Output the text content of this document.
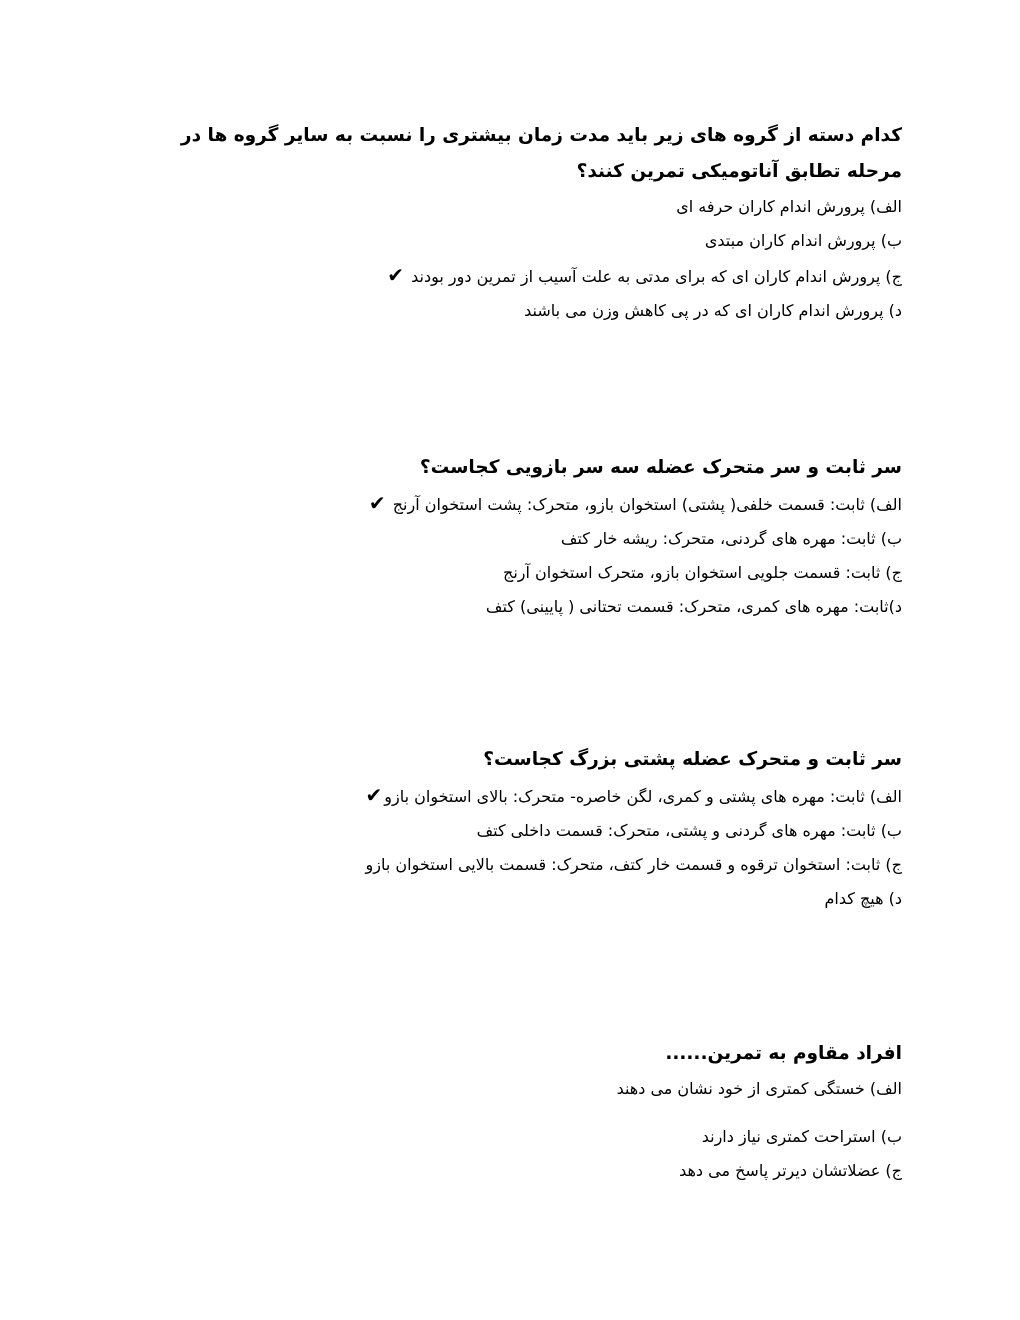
کدام دسته از گروه های زیر باید مدت زمان بیشتری را نسبت به سایر گروه ها در مرحله تطابق آناتومیکی تمرین کنند؟

الف) پرورش اندام کاران حرفه ای

ب) پرورش اندام کاران مبتدی

ج) پرورش اندام کاران ای که برای مدتی به علت آسیب از تمرین دور بودند ✔

د) پرورش اندام کاران ای که در پی کاهش وزن می باشند

سر ثابت و سر متحرک عضله سه سر بازویی کجاست؟

الف) ثابت: قسمت خلفی( پشتی) استخوان بازو، متحرک: پشت استخوان آرنج ✔

ب) ثابت: مهره های گردنی، متحرک: ریشه خار کتف

ج) ثابت: قسمت جلویی استخوان بازو، متحرک استخوان آرنج

د)ثابت: مهره های کمری، متحرک: قسمت تحتانی ( پایینی) کتف

سر ثابت و متحرک عضله پشتی بزرگ کجاست؟

الف) ثابت: مهره های پشتی و کمری، لگن خاصره- متحرک: بالای استخوان بازو✔

ب) ثابت: مهره های گردنی و پشتی، متحرک: قسمت داخلی کتف

ج) ثابت: استخوان ترقوه و قسمت خار کتف، متحرک: قسمت بالایی استخوان بازو

د) هیچ کدام

افراد مقاوم به تمرین......

الف) خستگی کمتری از خود نشان می دهند

ب) استراحت کمتری نیاز دارند

ج) عضلاتشان دیرتر پاسخ می دهد
